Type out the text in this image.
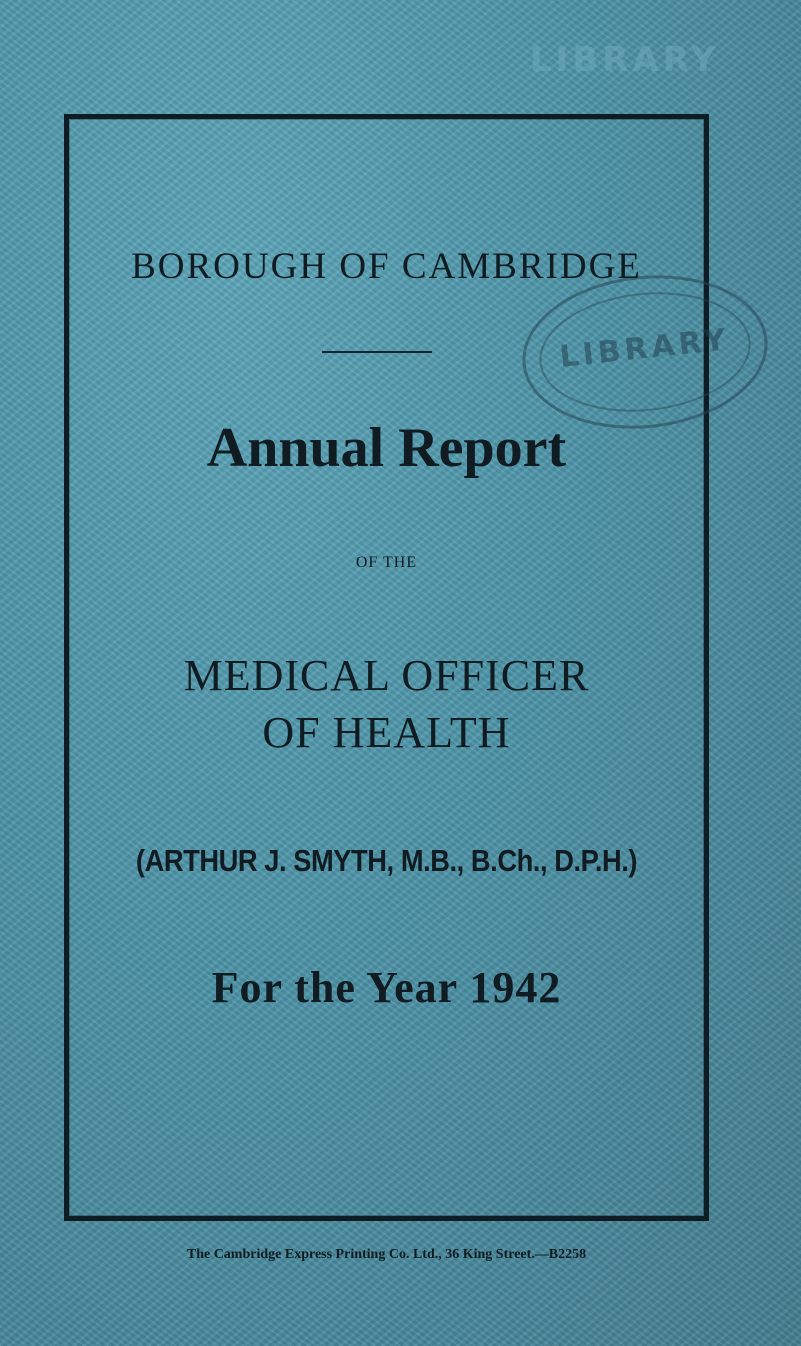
LIBRARY
LIBRARY
BOROUGH OF CAMBRIDGE
Annual Report
OF THE
MEDICAL OFFICER
OF HEALTH
(ARTHUR J. SMYTH, M.B., B.Ch., D.P.H.)
For the Year 1942
The Cambridge Express Printing Co. Ltd., 36 King Street.—B2258
